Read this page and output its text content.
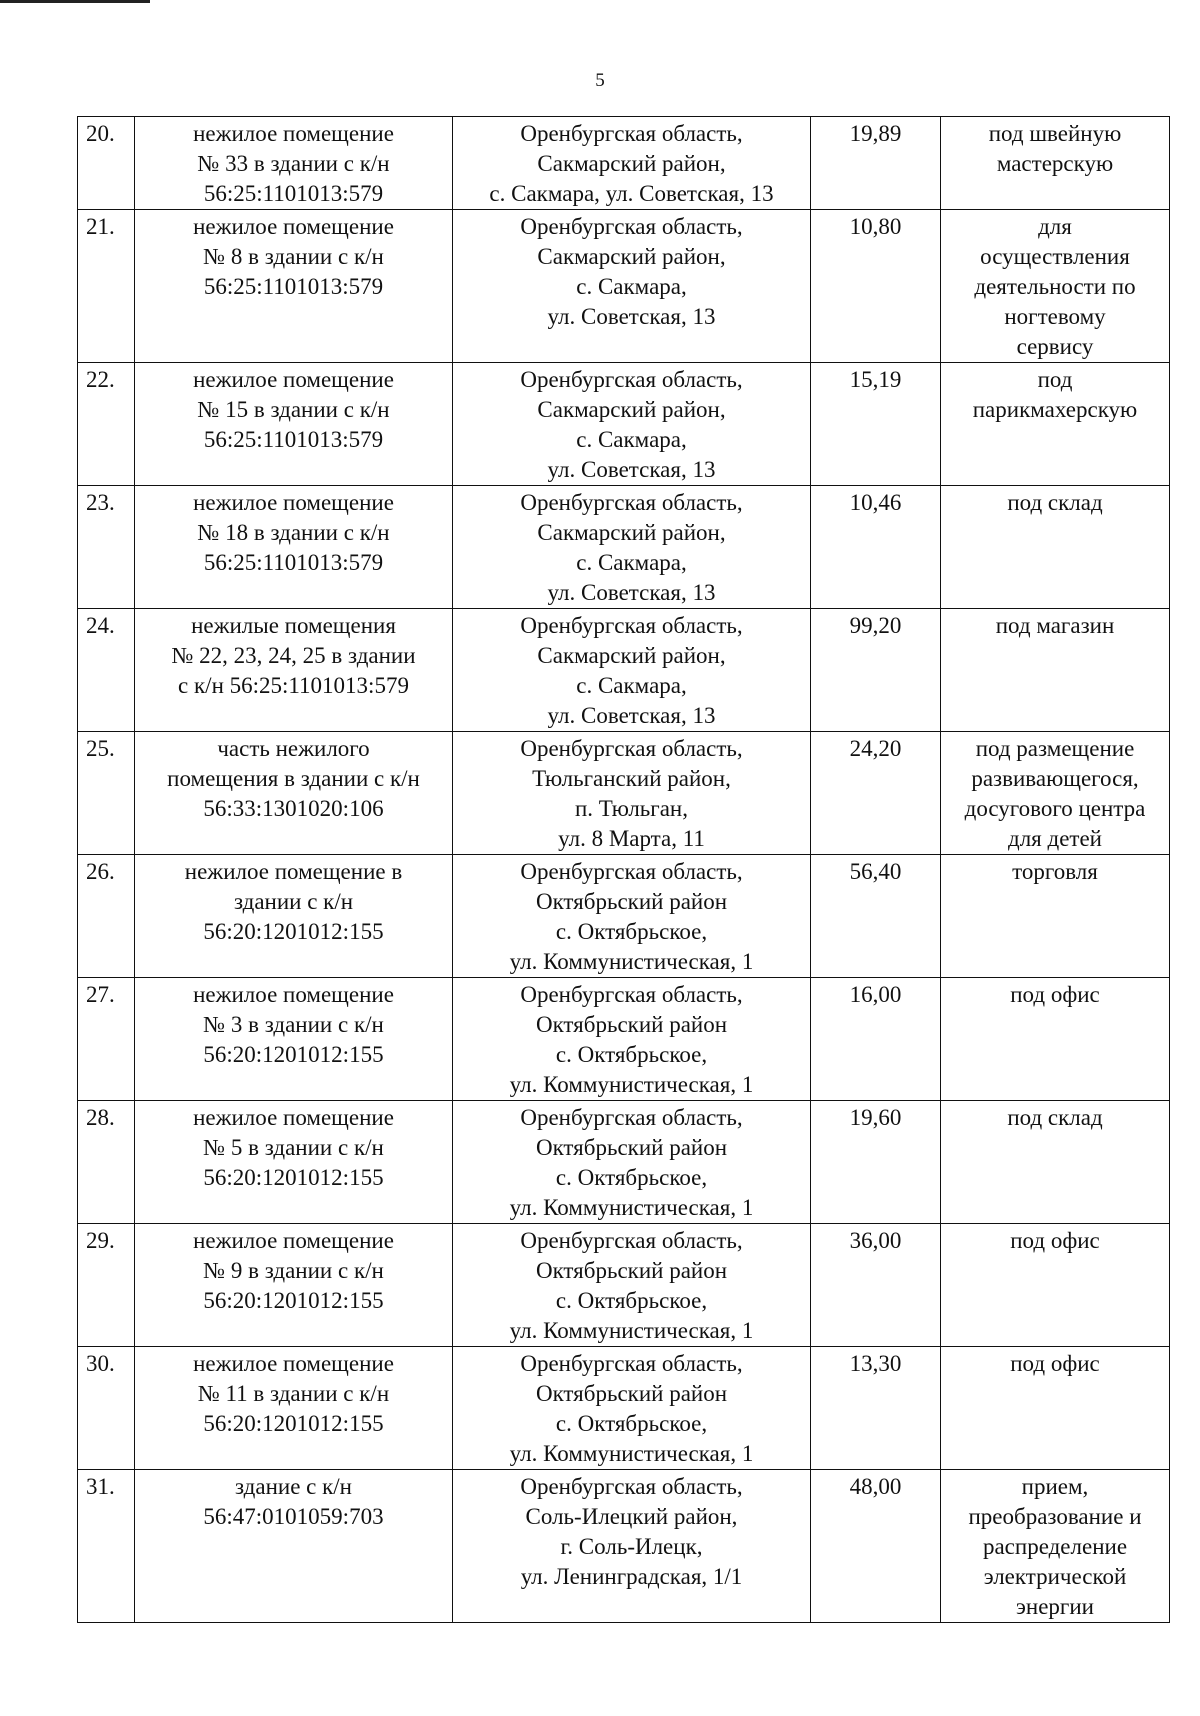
5
20.	нежилое помещение
№ 33 в здании с к/н
56:25:1101013:579	Оренбургская область,
Сакмарский район,
с. Сакмара, ул. Советская, 13	19,89	под швейную
мастерскую

21.	нежилое помещение
№ 8 в здании с к/н
56:25:1101013:579	Оренбургская область,
Сакмарский район,
с. Сакмара,
ул. Советская, 13	10,80	для
осуществления
деятельности по
ногтевому
сервису

22.	нежилое помещение
№ 15 в здании с к/н
56:25:1101013:579	Оренбургская область,
Сакмарский район,
с. Сакмара,
ул. Советская, 13	15,19	под
парикмахерскую

23.	нежилое помещение
№ 18 в здании с к/н
56:25:1101013:579	Оренбургская область,
Сакмарский район,
с. Сакмара,
ул. Советская, 13	10,46	под склад

24.	нежилые помещения
№ 22, 23, 24, 25 в здании
с к/н 56:25:1101013:579	Оренбургская область,
Сакмарский район,
с. Сакмара,
ул. Советская, 13	99,20	под магазин

25.	часть нежилого
помещения в здании с к/н
56:33:1301020:106	Оренбургская область,
Тюльганский район,
п. Тюльган,
ул. 8 Марта, 11	24,20	под размещение
развивающегося,
досугового центра
для детей

26.	нежилое помещение в
здании с к/н
56:20:1201012:155	Оренбургская область,
Октябрьский район
с. Октябрьское,
ул. Коммунистическая, 1	56,40	торговля

27.	нежилое помещение
№ 3 в здании с к/н
56:20:1201012:155	Оренбургская область,
Октябрьский район
с. Октябрьское,
ул. Коммунистическая, 1	16,00	под офис

28.	нежилое помещение
№ 5 в здании с к/н
56:20:1201012:155	Оренбургская область,
Октябрьский район
с. Октябрьское,
ул. Коммунистическая, 1	19,60	под склад

29.	нежилое помещение
№ 9 в здании с к/н
56:20:1201012:155	Оренбургская область,
Октябрьский район
с. Октябрьское,
ул. Коммунистическая, 1	36,00	под офис

30.	нежилое помещение
№ 11 в здании с к/н
56:20:1201012:155	Оренбургская область,
Октябрьский район
с. Октябрьское,
ул. Коммунистическая, 1	13,30	под офис

31.	здание с к/н
56:47:0101059:703	Оренбургская область,
Соль-Илецкий район,
г. Соль-Илецк,
ул. Ленинградская, 1/1	48,00	прием,
преобразование и
распределение
электрической
энергии
